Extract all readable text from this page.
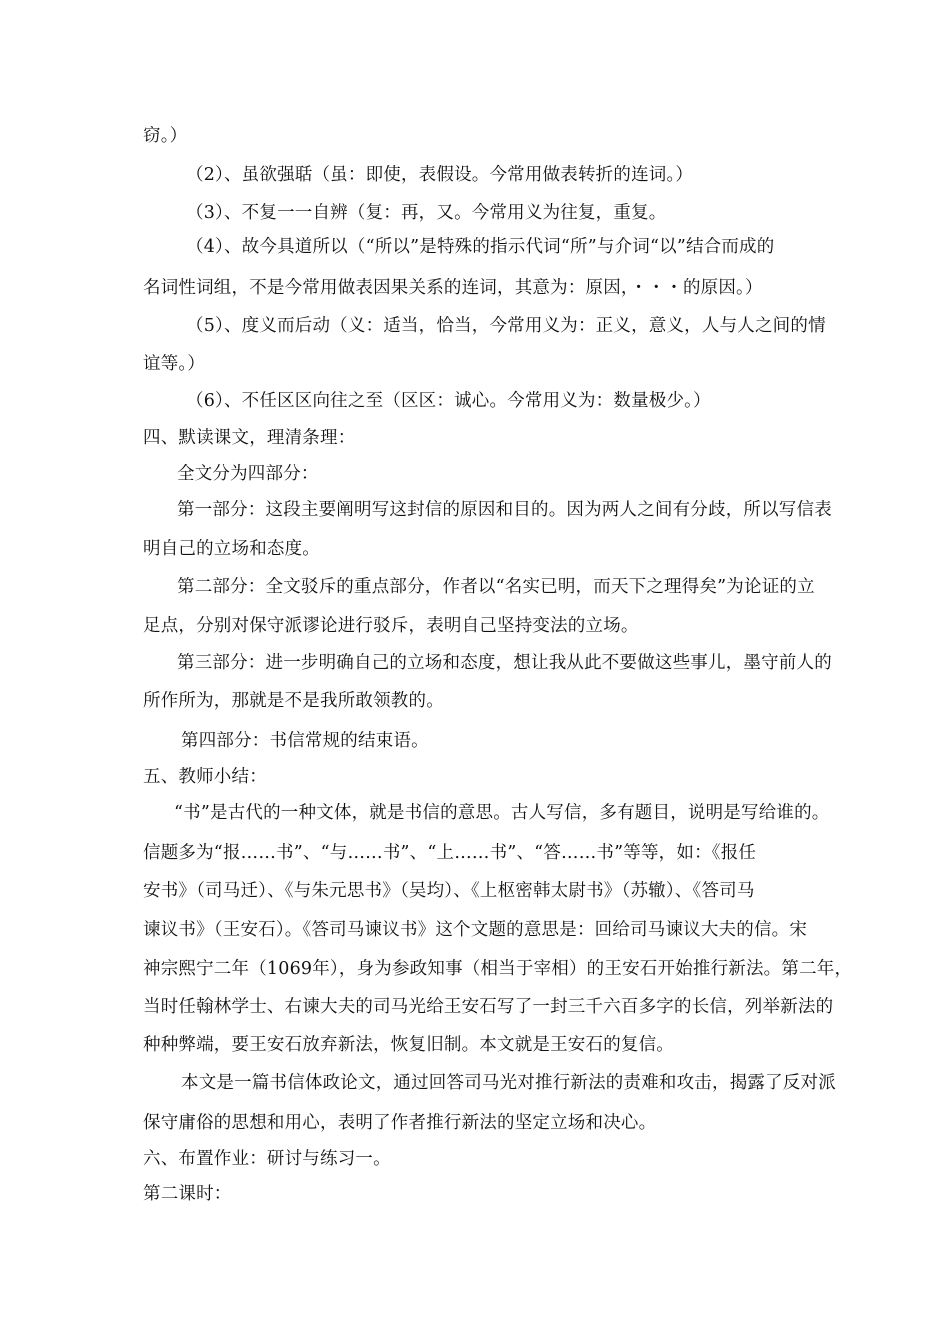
窃。）
（2）、虽欲强聒（虽：即使，表假设。今常用做表转折的连词。）
（3）、不复一一自辨（复：再，又。今常用义为往复，重复。
（4）、故今具道所以（“所以”是特殊的指示代词“所”与介词“以”结合而成的
名词性词组，不是今常用做表因果关系的连词，其意为：原因，・・・的原因。）
（5）、度义而后动（义：适当，恰当，今常用义为：正义，意义，人与人之间的情
谊等。）
（6）、不任区区向往之至（区区：诚心。今常用义为：数量极少。）
四、默读课文，理清条理：
全文分为四部分：
第一部分：这段主要阐明写这封信的原因和目的。因为两人之间有分歧，所以写信表
明自己的立场和态度。
第二部分：全文驳斥的重点部分，作者以“名实已明，而天下之理得矣”为论证的立
足点，分别对保守派谬论进行驳斥，表明自己坚持变法的立场。
第三部分：进一步明确自己的立场和态度，想让我从此不要做这些事儿，墨守前人的
所作所为，那就是不是我所敢领教的。
第四部分：书信常规的结束语。
五、教师小结：
“书”是古代的一种文体，就是书信的意思。古人写信，多有题目，说明是写给谁的。
信题多为“报……书”、“与……书”、“上……书”、“答……书”等等，如：《报任
安书》（司马迁）、《与朱元思书》（吴均）、《上枢密韩太尉书》（苏辙）、《答司马
谏议书》（王安石）。《答司马谏议书》这个文题的意思是：回给司马谏议大夫的信。宋
神宗熙宁二年（1069年），身为参政知事（相当于宰相）的王安石开始推行新法。第二年，
当时任翰林学士、右谏大夫的司马光给王安石写了一封三千六百多字的长信，列举新法的
种种弊端，要王安石放弃新法，恢复旧制。本文就是王安石的复信。
本文是一篇书信体政论文，通过回答司马光对推行新法的责难和攻击，揭露了反对派
保守庸俗的思想和用心，表明了作者推行新法的坚定立场和决心。
六、布置作业：研讨与练习一。
第二课时：
